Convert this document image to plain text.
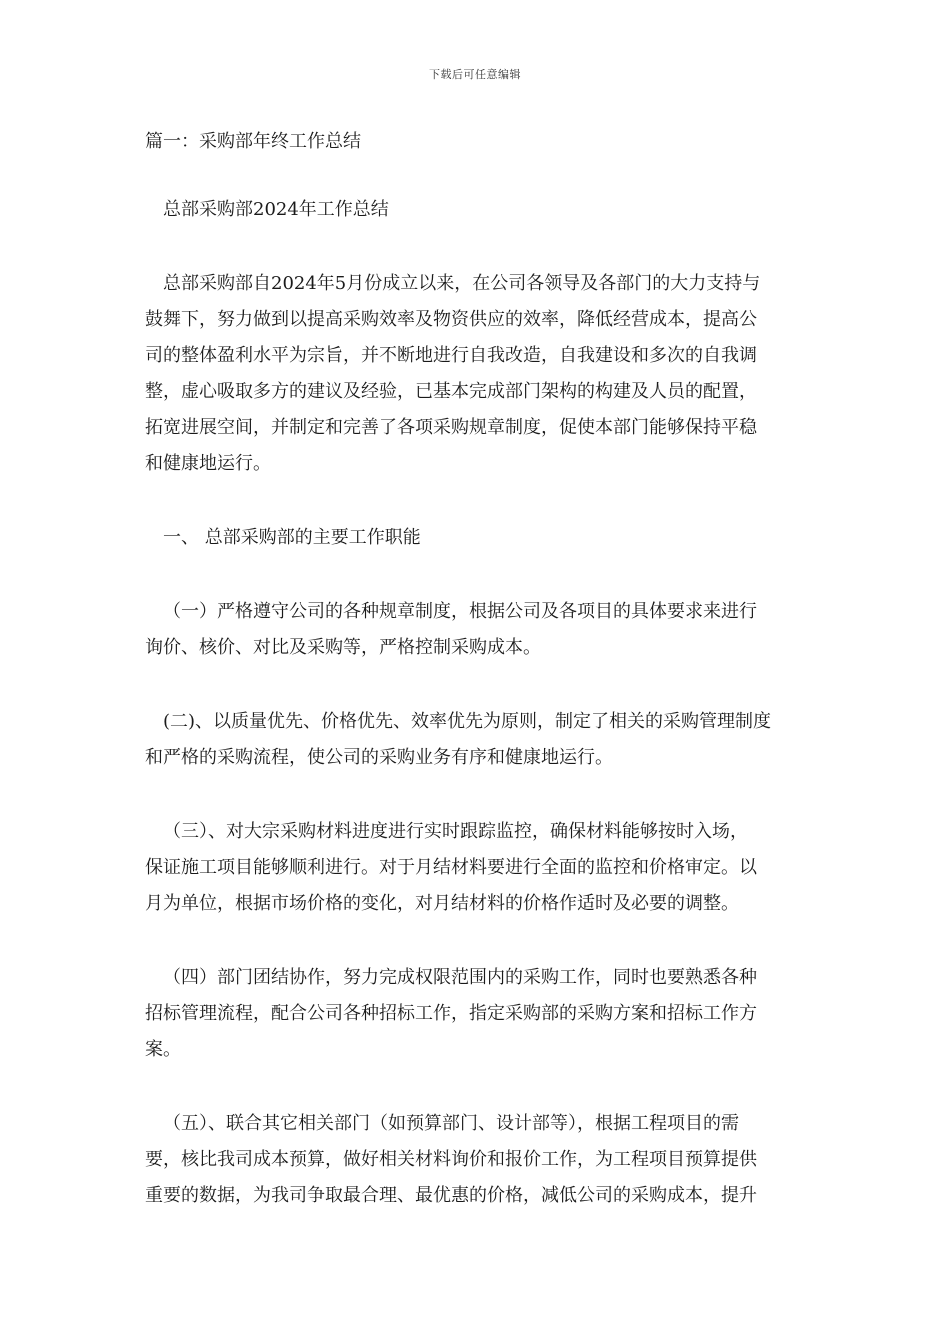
下载后可任意编辑

篇一：采购部年终工作总结

总部采购部2024年工作总结

总部采购部自2024年5月份成立以来，在公司各领导及各部门的大力支持与
鼓舞下，努力做到以提高采购效率及物资供应的效率，降低经营成本，提高公
司的整体盈利水平为宗旨，并不断地进行自我改造，自我建设和多次的自我调
整，虚心吸取多方的建议及经验，已基本完成部门架构的构建及人员的配置，
拓宽进展空间，并制定和完善了各项采购规章制度，促使本部门能够保持平稳
和健康地运行。

一、 总部采购部的主要工作职能

（一）严格遵守公司的各种规章制度，根据公司及各项目的具体要求来进行
询价、核价、对比及采购等，严格控制采购成本。

(二)、以质量优先、价格优先、效率优先为原则，制定了相关的采购管理制度
和严格的采购流程，使公司的采购业务有序和健康地运行。

（三）、对大宗采购材料进度进行实时跟踪监控，确保材料能够按时入场，
保证施工项目能够顺利进行。对于月结材料要进行全面的监控和价格审定。以
月为单位，根据市场价格的变化，对月结材料的价格作适时及必要的调整。

（四）部门团结协作，努力完成权限范围内的采购工作，同时也要熟悉各种
招标管理流程，配合公司各种招标工作，指定采购部的采购方案和招标工作方
案。

（五）、联合其它相关部门（如预算部门、设计部等），根据工程项目的需
要，核比我司成本预算，做好相关材料询价和报价工作，为工程项目预算提供
重要的数据，为我司争取最合理、最优惠的价格，减低公司的采购成本，提升
